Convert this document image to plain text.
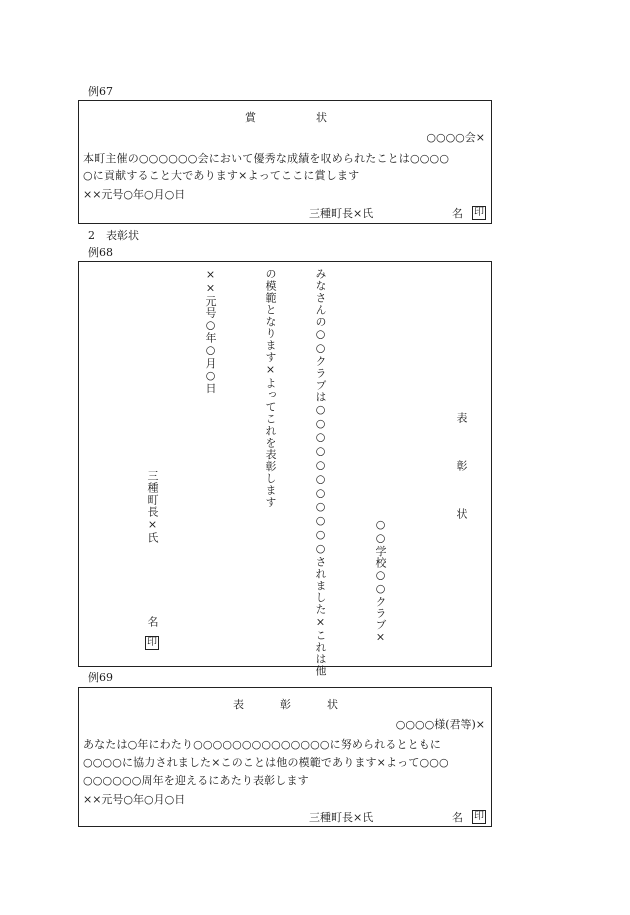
例67
賞	状
○○○○会×
本町主催の○○○○○○会において優秀な成績を収められたことは○○○○
○に貢献すること大であります×よってここに賞します
××元号○年○月○日
三種町長×氏	名 印
2　表彰状
例68
表
彰
状
○○学校○○クラブ×
みなさんの○○クラブは○○○○○○○○○○○されました×これは他
の模範となります×よってこれを表彰します
××元号○年○月○日
三種町長×氏
名
印
例69
表	彰	状
○○○○様(君等)×
あなたは○年にわたり○○○○○○○○○○○○○○に努められるとともに
○○○○に協力されました×このことは他の模範であります×よって○○○
○○○○○○周年を迎えるにあたり表彰します
××元号○年○月○日
三種町長×氏	名 印
